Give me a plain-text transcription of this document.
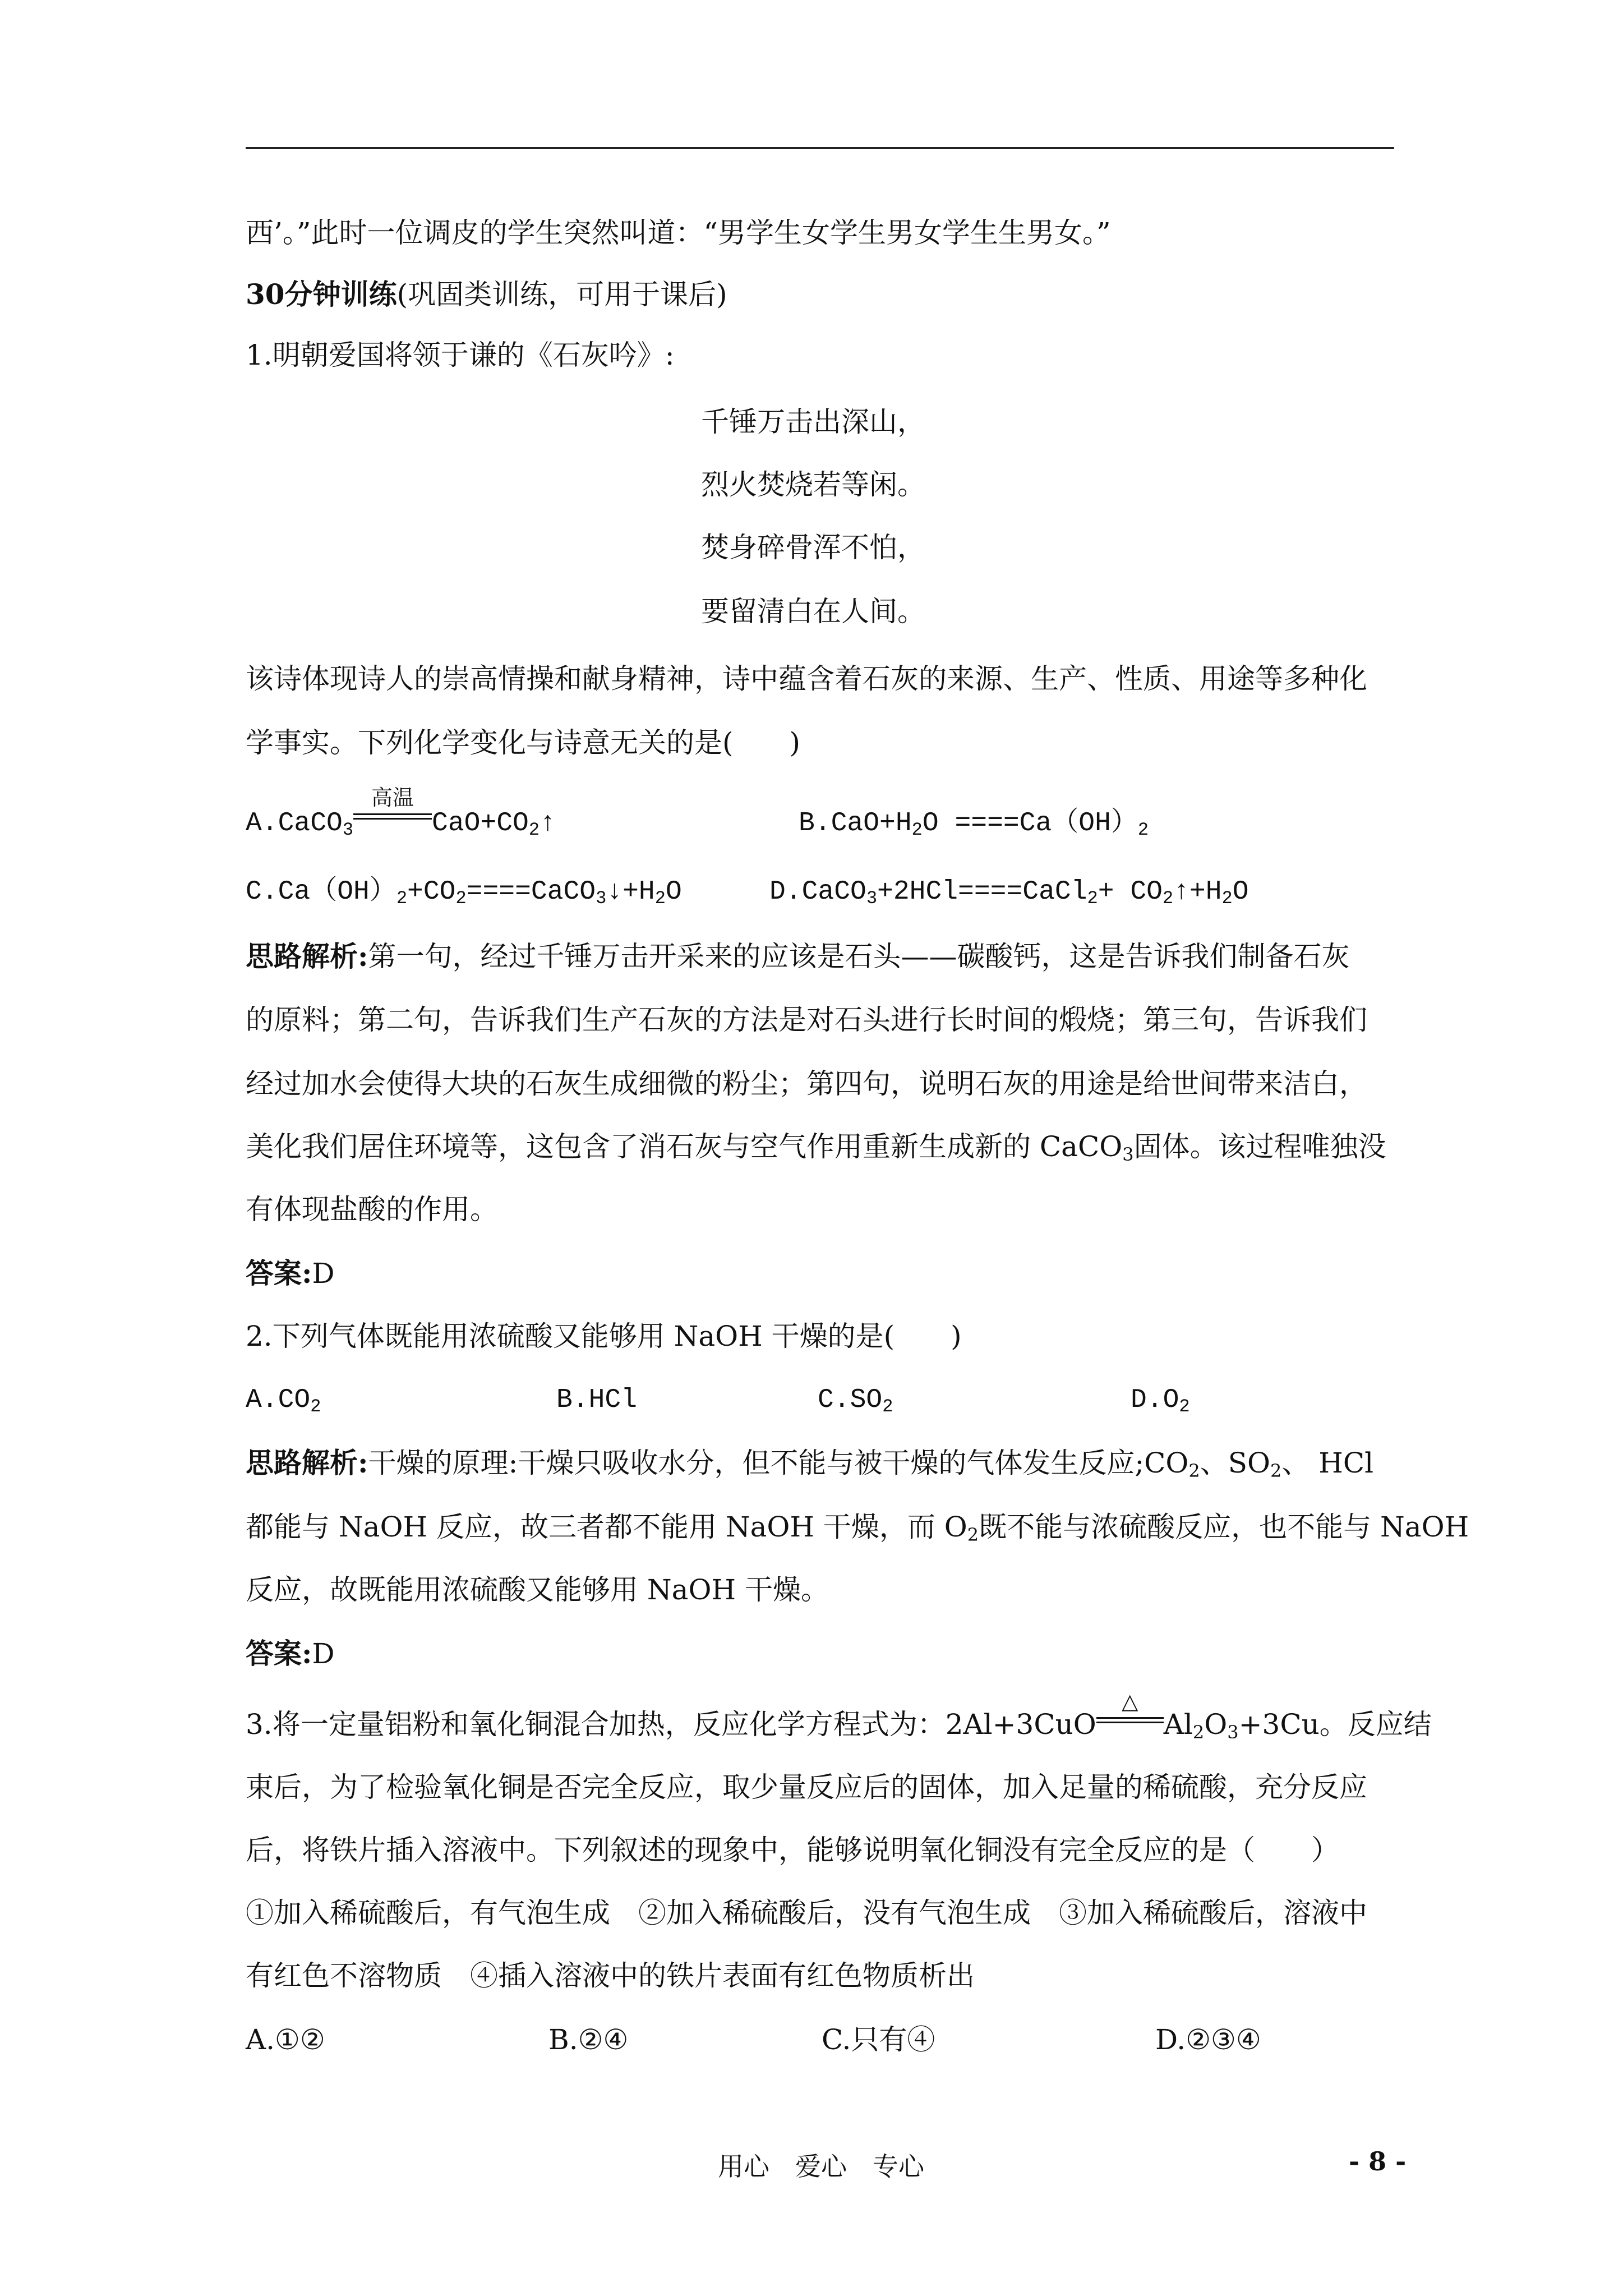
西’。”此时一位调皮的学生突然叫道：“男学生女学生男女学生生男女。”
30分钟训练(巩固类训练，可用于课后)
1.明朝爱国将领于谦的《石灰吟》:
千锤万击出深山，
烈火焚烧若等闲。
焚身碎骨浑不怕，
要留清白在人间。
该诗体现诗人的崇高情操和献身精神，诗中蕴含着石灰的来源、生产、性质、用途等多种化
学事实。下列化学变化与诗意无关的是(　　)
A.CaCO$_3$
高温
$CaO+CO_2↑$	$B.CaO+H_2O ====Ca(OH)_2$
$C.Ca(OH)_2+CO_2====CaCO_3↓+H_2O$	D.CaCO$_3$+2HCl====CaCl$_2$+ $CO_2↑+H_2O$
思路解析:第一句，经过千锤万击开采来的应该是石头——碳酸钙，这是告诉我们制备石灰
的原料；第二句，告诉我们生产石灰的方法是对石头进行长时间的煅烧；第三句，告诉我们
经过加水会使得大块的石灰生成细微的粉尘；第四句，说明石灰的用途是给世间带来洁白，
美化我们居住环境等，这包含了消石灰与空气作用重新生成新的 CaCO$_3$固体。该过程唯独没
有体现盐酸的作用。
答案:D
2.下列气体既能用浓硫酸又能够用 NaOH 干燥的是(　　)
$A.CO_2$	B.HCl	$C.SO_2$	$D.O_2$
思路解析:干燥的原理:干燥只吸收水分，但不能与被干燥的气体发生反应$;CO_2$、$SO_2$、 HCl
都能与 NaOH 反应，故三者都不能用 NaOH 干燥，而 $O_2$既不能与浓硫酸反应，也不能与 NaOH
反应，故既能用浓硫酸又能够用 NaOH 干燥。
答案:D
3.将一定量铝粉和氧化铜混合加热，反应化学方程式为：2Al+3CuO
△
$Al_2O_3+3Cu$。反应结
束后，为了检验氧化铜是否完全反应，取少量反应后的固体，加入足量的稀硫酸，充分反应
后，将铁片插入溶液中。下列叙述的现象中，能够说明氧化铜没有完全反应的是（　　）
①加入稀硫酸后，有气泡生成　②加入稀硫酸后，没有气泡生成　③加入稀硫酸后，溶液中
有红色不溶物质　④插入溶液中的铁片表面有红色物质析出
A.①②	B.②④	C.只有④	D.②③④
用心　爱心　专心	- 8 -
